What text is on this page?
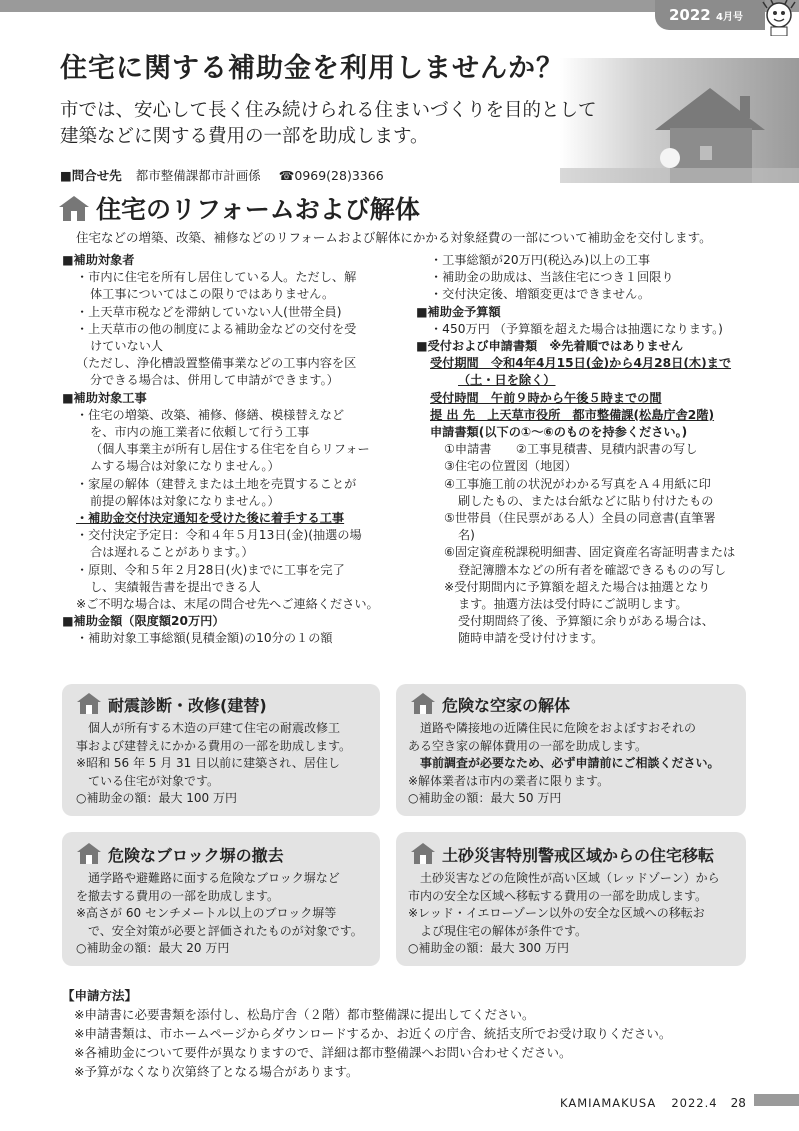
2022 4月号
住宅に関する補助金を利用しませんか？
市では、安心して長く住み続けられる住まいづくりを目的として
建築などに関する費用の一部を助成します。
■問合せ先 都市整備課都市計画係 ☎0969(28)3366
住宅のリフォームおよび解体
住宅などの増築、改築、補修などのリフォームおよび解体にかかる対象経費の一部について補助金を交付します。
■補助対象者
・市内に住宅を所有し居住している人。ただし、解
体工事についてはこの限りではありません。
・上天草市税などを滞納していない人(世帯全員)
・上天草市の他の制度による補助金などの交付を受
けていない人
（ただし、浄化槽設置整備事業などの工事内容を区
分できる場合は、併用して申請ができます。）
■補助対象工事
・住宅の増築、改築、補修、修繕、模様替えなど
を、市内の施工業者に依頼して行う工事
（個人事業主が所有し居住する住宅を自らリフォー
ムする場合は対象になりません。）
・家屋の解体（建替えまたは土地を売買することが
前提の解体は対象になりません。）
・補助金交付決定通知を受けた後に着手する工事
・交付決定予定日：令和４年５月13日(金)(抽選の場
合は遅れることがあります。）
・原則、令和５年２月28日(火)までに工事を完了
し、実績報告書を提出できる人
※ご不明な場合は、末尾の問合せ先へご連絡ください。
■補助金額（限度額20万円）
・補助対象工事総額(見積金額)の10分の１の額
・工事総額が20万円(税込み)以上の工事
・補助金の助成は、当該住宅につき１回限り
・交付決定後、増額変更はできません。
■補助金予算額
・450万円 （予算額を超えた場合は抽選になります。)
■受付および申請書類　※先着順ではありません
受付期間　令和4年4月15日(金)から4月28日(木)まで
（土・日を除く）
受付時間　午前９時から午後５時までの間
提 出 先　上天草市役所　都市整備課(松島庁舎2階)
申請書類(以下の①～⑥のものを持参ください。)
①申請書　　②工事見積書、見積内訳書の写し
③住宅の位置図（地図）
④工事施工前の状況がわかる写真をＡ４用紙に印
刷したもの、または台紙などに貼り付けたもの
⑤世帯員（住民票がある人）全員の同意書(直筆署
名)
⑥固定資産税課税明細書、固定資産名寄証明書または
登記簿謄本などの所有者を確認できるものの写し
※受付期間内に予算額を超えた場合は抽選となり
ます。抽選方法は受付時にご説明します。
受付期間終了後、予算額に余りがある場合は、
随時申請を受け付けます。
耐震診断・改修(建替)
　個人が所有する木造の戸建て住宅の耐震改修工
事および建替えにかかる費用の一部を助成します。
※昭和 56 年 5 月 31 日以前に建築され、居住し
　ている住宅が対象です。
○補助金の額：最大 100 万円
危険な空家の解体
　道路や隣接地の近隣住民に危険をおよぼすおそれの
ある空き家の解体費用の一部を助成します。
　事前調査が必要なため、必ず申請前にご相談ください。
※解体業者は市内の業者に限ります。
○補助金の額：最大 50 万円
危険なブロック塀の撤去
　通学路や避難路に面する危険なブロック塀など
を撤去する費用の一部を助成します。
※高さが 60 センチメートル以上のブロック塀等
　で、安全対策が必要と評価されたものが対象です。
○補助金の額：最大 20 万円
土砂災害特別警戒区域からの住宅移転
　土砂災害などの危険性が高い区域（レッドゾーン）から
市内の安全な区域へ移転する費用の一部を助成します。
※レッド・イエローゾーン以外の安全な区域への移転お
　よび現住宅の解体が条件です。
○補助金の額：最大 300 万円
【申請方法】
※申請書に必要書類を添付し、松島庁舎（２階）都市整備課に提出してください。
※申請書類は、市ホームページからダウンロードするか、お近くの庁舎、統括支所でお受け取りください。
※各補助金について要件が異なりますので、詳細は都市整備課へお問い合わせください。
※予算がなくなり次第終了となる場合があります。
KAMIAMAKUSA 2022.4 28
